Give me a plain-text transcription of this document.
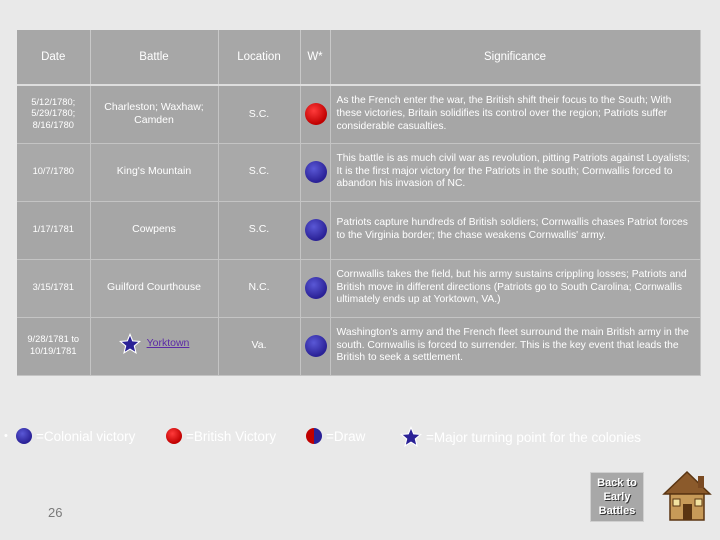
Date	Battle	Location	W*	Significance
5/12/1780; 5/29/1780; 8/16/1780	Charleston; Waxhaw; Camden	S.C.		As the French enter the war, the British shift their focus to the South; With these victories, Britain solidifies its control over the region; Patriots suffer considerable casualties.
10/7/1780	King's Mountain	S.C.		This battle is as much civil war as revolution, pitting Patriots against Loyalists; It is the first major victory for the Patriots in the south; Cornwallis forced to abandon his invasion of NC.
1/17/1781	Cowpens	S.C.		Patriots capture hundreds of British soldiers; Cornwallis chases Patriot forces to the Virginia border; the chase weakens Cornwallis' army.
3/15/1781	Guilford Courthouse	N.C.		Cornwallis takes the field, but his army sustains crippling losses; Patriots and British move in different directions (Patriots go to South Carolina; Cornwallis ultimately ends up at Yorktown, VA.)
9/28/1781 to 10/19/1781	Yorktown	Va.		Washington's army and the French fleet surround the main British army in the south. Cornwallis is forced to surrender. This is the key event that leads the British to seek a settlement.
• =Colonial victory	=British Victory	=Draw	=Major turning point for the colonies
26
Back to Early Battles
